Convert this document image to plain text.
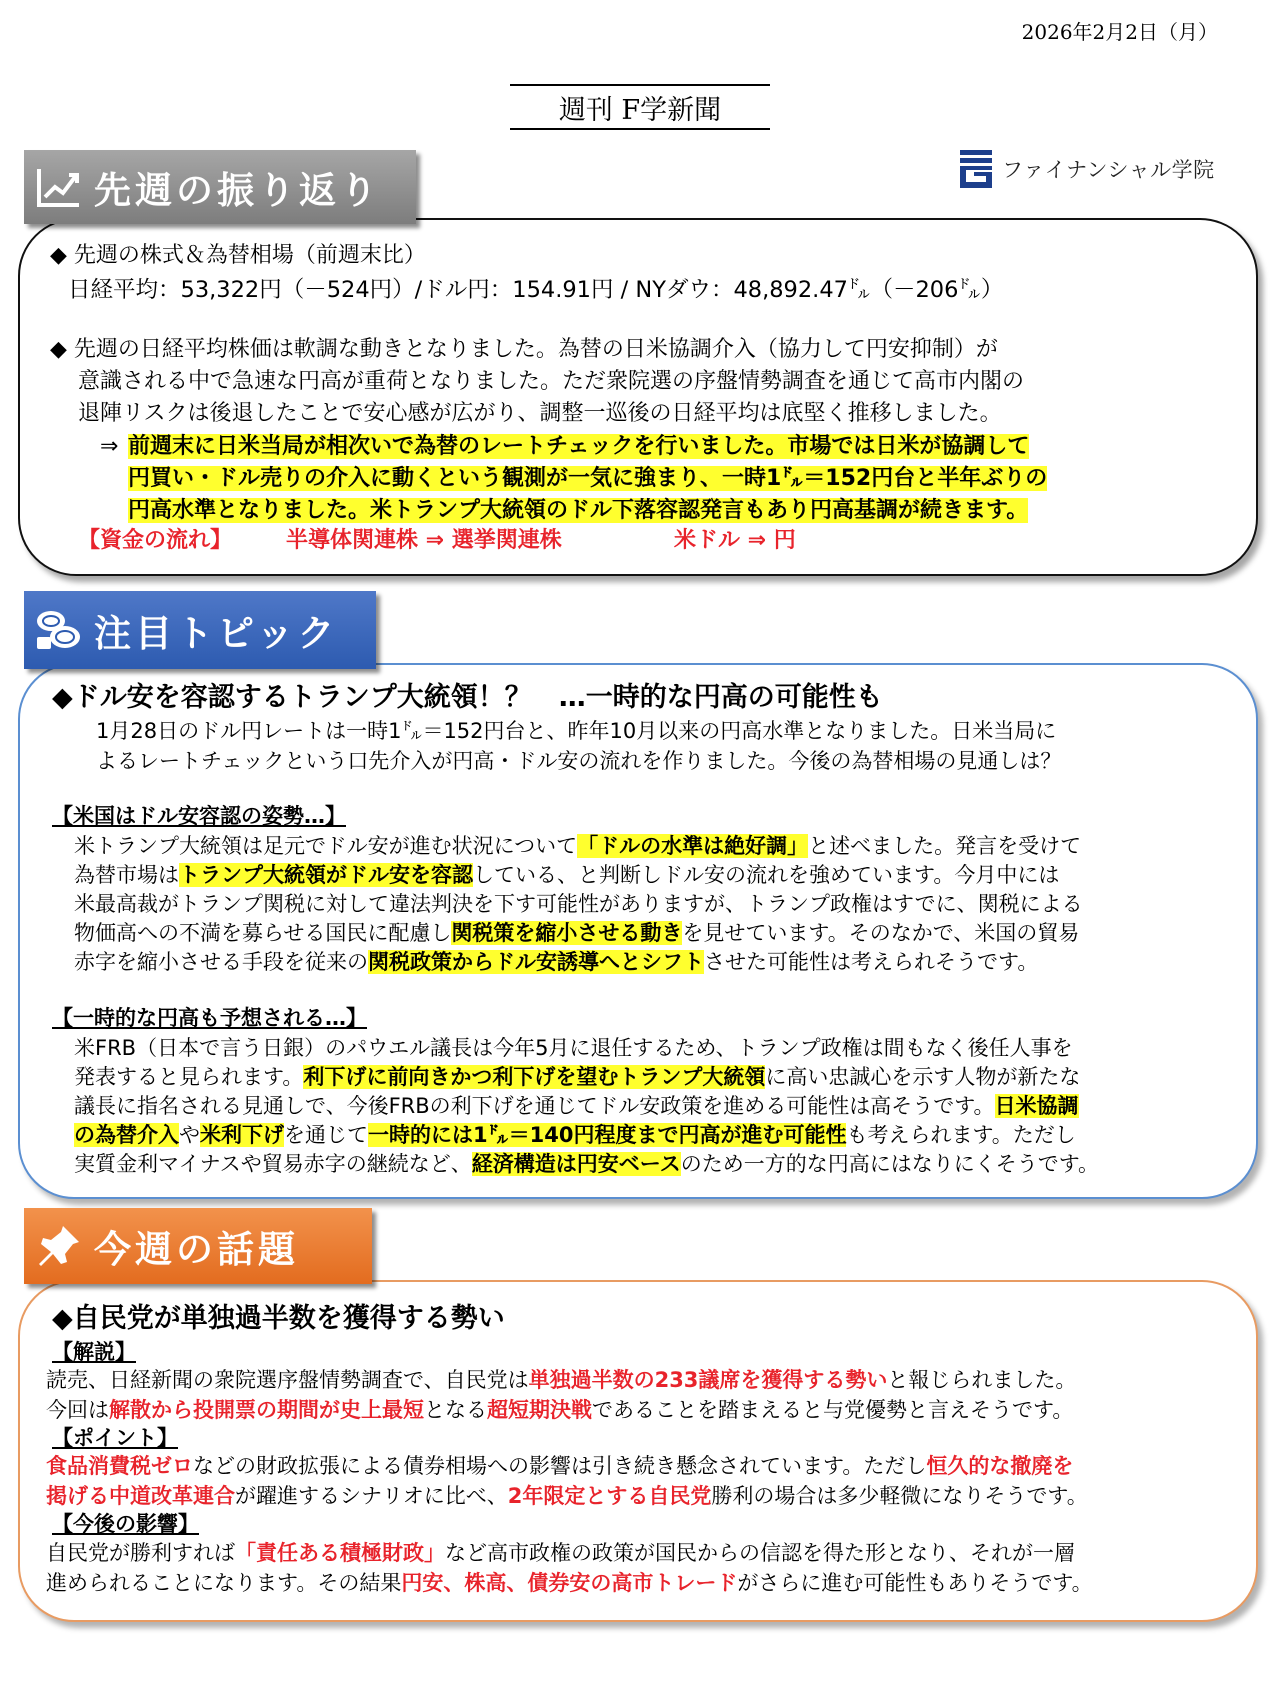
2026年2月2日（月）
週刊 F学新聞
ファイナンシャル学院
先週の振り返り
◆ 先週の株式＆為替相場（前週末比）
日経平均：53,322円（－524円）/ドル円：154.91円 / NYダウ：48,892.47㌦（－206㌦）
◆ 先週の日経平均株価は軟調な動きとなりました。為替の日米協調介入（協力して円安抑制）が
意識される中で急速な円高が重荷となりました。ただ衆院選の序盤情勢調査を通じて高市内閣の
退陣リスクは後退したことで安心感が広がり、調整一巡後の日経平均は底堅く推移しました。
⇒ 前週末に日米当局が相次いで為替のレートチェックを行いました。市場では日米が協調して
円買い・ドル売りの介入に動くという観測が一気に強まり、一時1㌦＝152円台と半年ぶりの
円高水準となりました。米トランプ大統領のドル下落容認発言もあり円高基調が続きます。
【資金の流れ】 半導体関連株 ⇒ 選挙関連株	米ドル ⇒ 円
注目トピック
◆ドル安を容認するトランプ大統領！？　…一時的な円高の可能性も
1月28日のドル円レートは一時1㌦＝152円台と、昨年10月以来の円高水準となりました。日米当局に
よるレートチェックという口先介入が円高・ドル安の流れを作りました。今後の為替相場の見通しは？
【米国はドル安容認の姿勢…】
米トランプ大統領は足元でドル安が進む状況について「ドルの水準は絶好調」と述べました。発言を受けて
為替市場はトランプ大統領がドル安を容認している、と判断しドル安の流れを強めています。今月中には
米最高裁がトランプ関税に対して違法判決を下す可能性がありますが、トランプ政権はすでに、関税による
物価高への不満を募らせる国民に配慮し関税策を縮小させる動きを見せています。そのなかで、米国の貿易
赤字を縮小させる手段を従来の関税政策からドル安誘導へとシフトさせた可能性は考えられそうです。
【一時的な円高も予想される…】
米FRB（日本で言う日銀）のパウエル議長は今年5月に退任するため、トランプ政権は間もなく後任人事を
発表すると見られます。利下げに前向きかつ利下げを望むトランプ大統領に高い忠誠心を示す人物が新たな
議長に指名される見通しで、今後FRBの利下げを通じてドル安政策を進める可能性は高そうです。日米協調
の為替介入や米利下げを通じて一時的には1㌦＝140円程度まで円高が進む可能性も考えられます。ただし
実質金利マイナスや貿易赤字の継続など、経済構造は円安ベースのため一方的な円高にはなりにくそうです。
今週の話題
◆自民党が単独過半数を獲得する勢い
【解説】
読売、日経新聞の衆院選序盤情勢調査で、自民党は単独過半数の233議席を獲得する勢いと報じられました。
今回は解散から投開票の期間が史上最短となる超短期決戦であることを踏まえると与党優勢と言えそうです。
【ポイント】
食品消費税ゼロなどの財政拡張による債券相場への影響は引き続き懸念されています。ただし恒久的な撤廃を
掲げる中道改革連合が躍進するシナリオに比べ、2年限定とする自民党勝利の場合は多少軽微になりそうです。
【今後の影響】
自民党が勝利すれば「責任ある積極財政」など高市政権の政策が国民からの信認を得た形となり、それが一層
進められることになります。その結果円安、株高、債券安の高市トレードがさらに進む可能性もありそうです。
